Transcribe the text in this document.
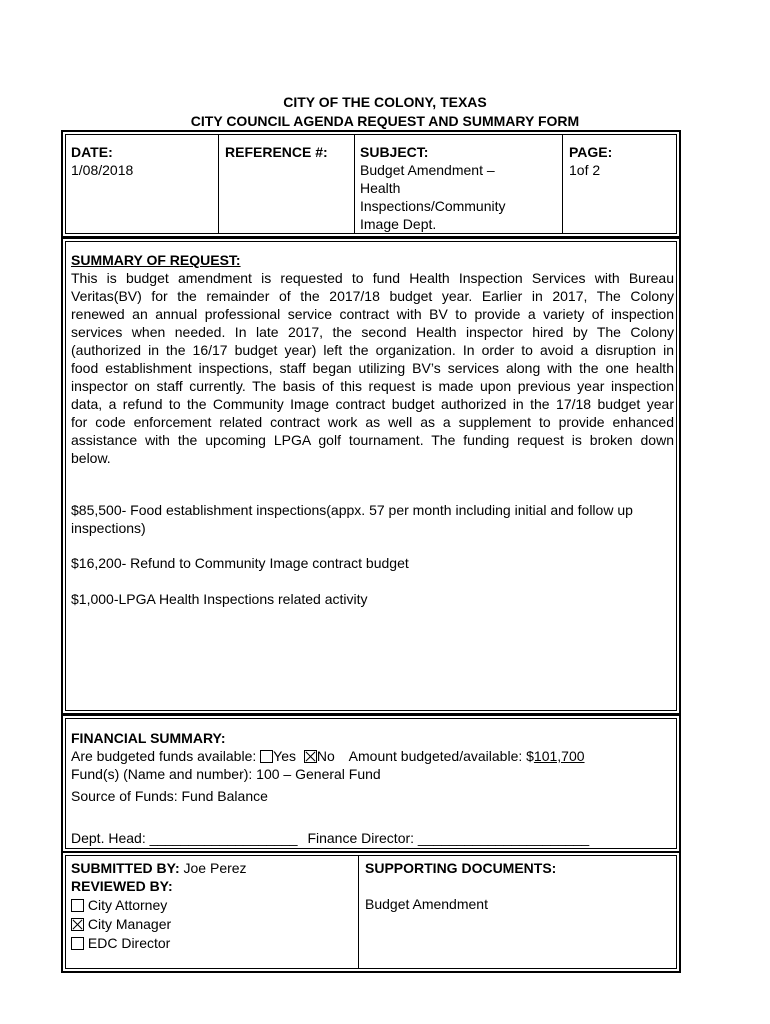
CITY OF THE COLONY, TEXAS
CITY COUNCIL AGENDA REQUEST AND SUMMARY FORM
DATE:
1/08/2018
REFERENCE #: SUBJECT:
Budget Amendment –
Health
Inspections/Community
Image Dept.
PAGE:
1of 2
SUMMARY OF REQUEST:
This is budget amendment is requested to fund Health Inspection Services with Bureau
Veritas(BV) for the remainder of the 2017/18 budget year. Earlier in 2017, The Colony
renewed an annual professional service contract with BV to provide a variety of inspection
services when needed. In late 2017, the second Health inspector hired by The Colony
(authorized in the 16/17 budget year) left the organization. In order to avoid a disruption in
food establishment inspections, staff began utilizing BV’s services along with the one health
inspector on staff currently. The basis of this request is made upon previous year inspection
data, a refund to the Community Image contract budget authorized in the 17/18 budget year
for code enforcement related contract work as well as a supplement to provide enhanced
assistance with the upcoming LPGA golf tournament. The funding request is broken down
below.
$85,500- Food establishment inspections(appx. 57 per month including initial and follow up
inspections)
$16,200- Refund to Community Image contract budget
$1,000-LPGA Health Inspections related activity
FINANCIAL SUMMARY:
Are budgeted funds available: Yes No Amount budgeted/available: $101,700
Fund(s) (Name and number): 100 – General Fund
Source of Funds: Fund Balance
Dept. Head: ___________________ Finance Director: ______________________
SUBMITTED BY: Joe Perez
REVIEWED BY:
City Attorney
City Manager
EDC Director
SUPPORTING DOCUMENTS:
Budget Amendment
